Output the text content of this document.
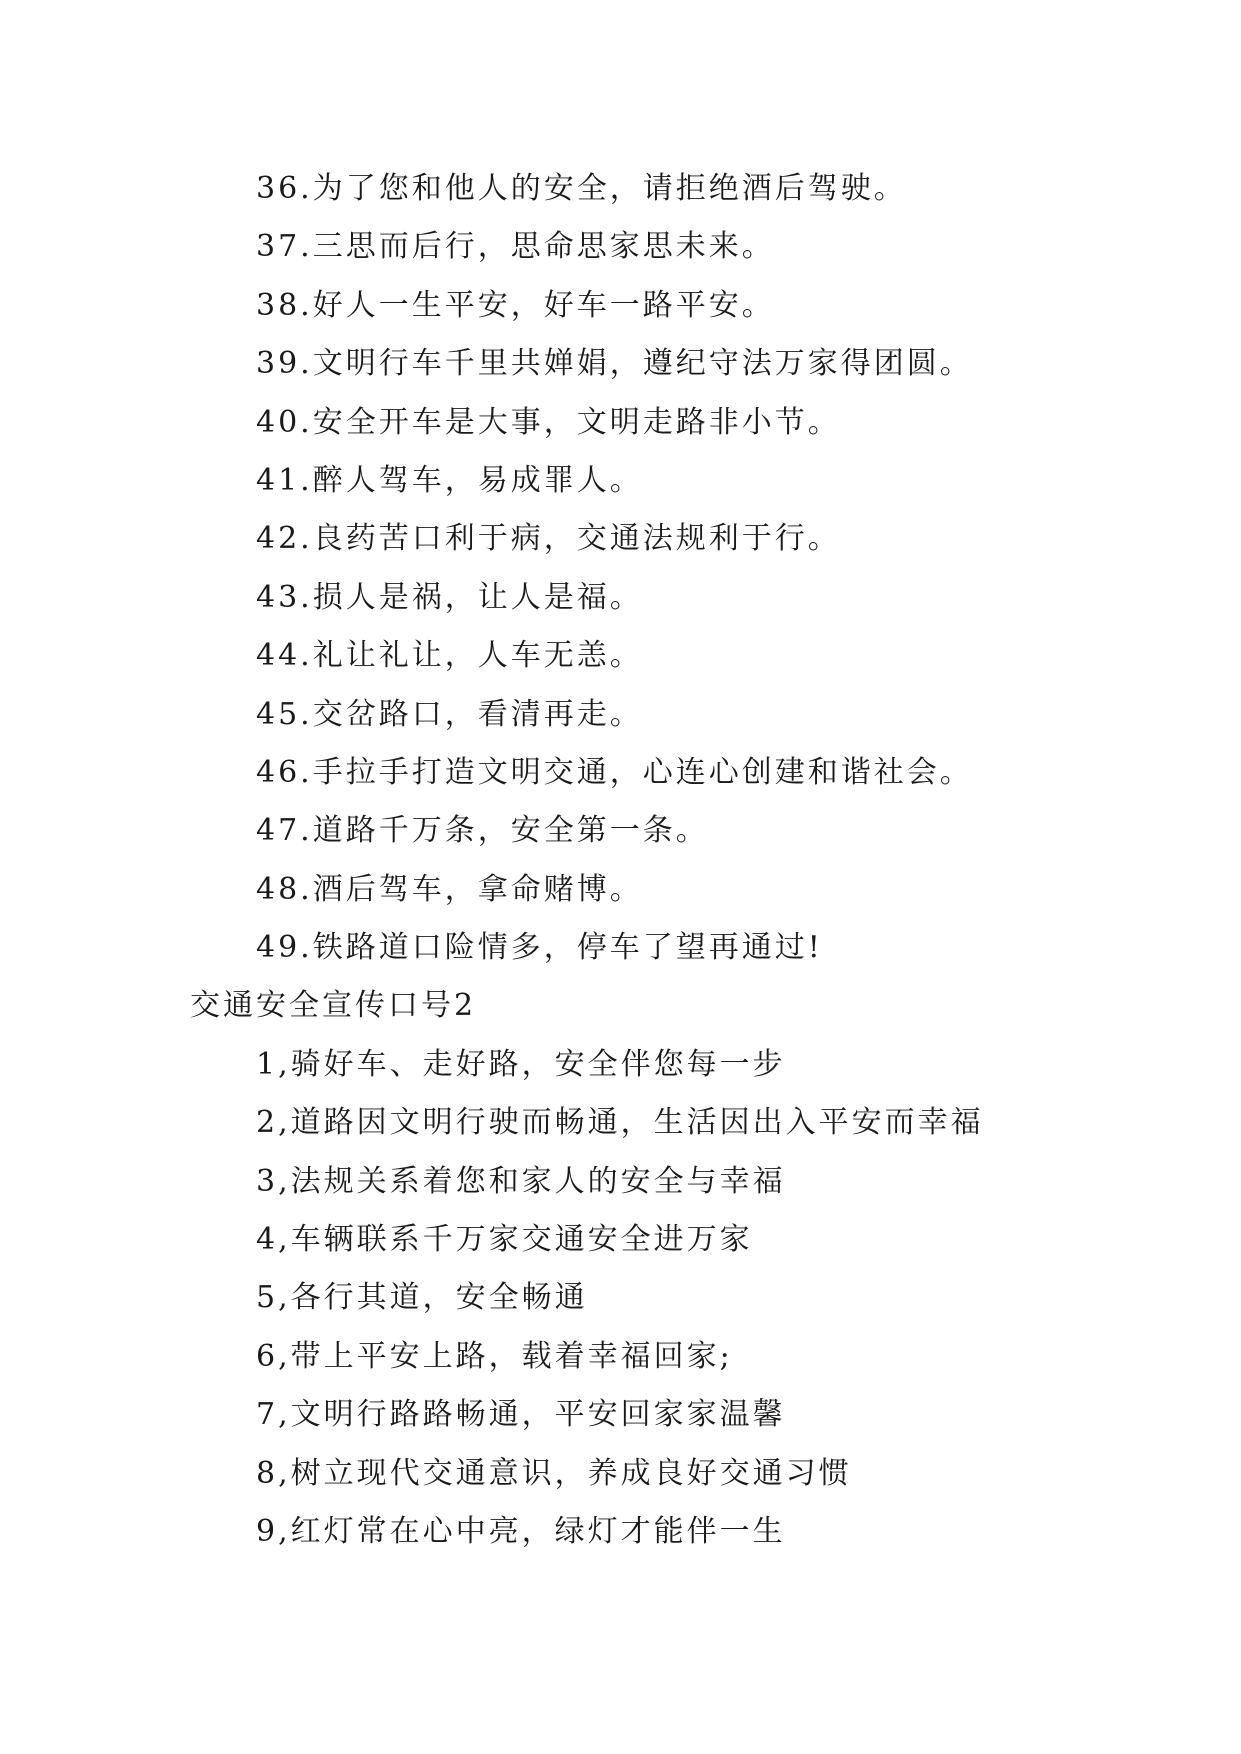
36.为了您和他人的安全，请拒绝酒后驾驶。
37.三思而后行，思命思家思未来。
38.好人一生平安，好车一路平安。
39.文明行车千里共婵娟，遵纪守法万家得团圆。
40.安全开车是大事，文明走路非小节。
41.醉人驾车，易成罪人。
42.良药苦口利于病，交通法规利于行。
43.损人是祸，让人是福。
44.礼让礼让，人车无恙。
45.交岔路口，看清再走。
46.手拉手打造文明交通，心连心创建和谐社会。
47.道路千万条，安全第一条。
48.酒后驾车，拿命赌博。
49.铁路道口险情多，停车了望再通过!
交通安全宣传口号2
1,骑好车、走好路，安全伴您每一步
2,道路因文明行驶而畅通，生活因出入平安而幸福
3,法规关系着您和家人的安全与幸福
4,车辆联系千万家交通安全进万家
5,各行其道，安全畅通
6,带上平安上路，载着幸福回家;
7,文明行路路畅通，平安回家家温馨
8,树立现代交通意识，养成良好交通习惯
9,红灯常在心中亮，绿灯才能伴一生
